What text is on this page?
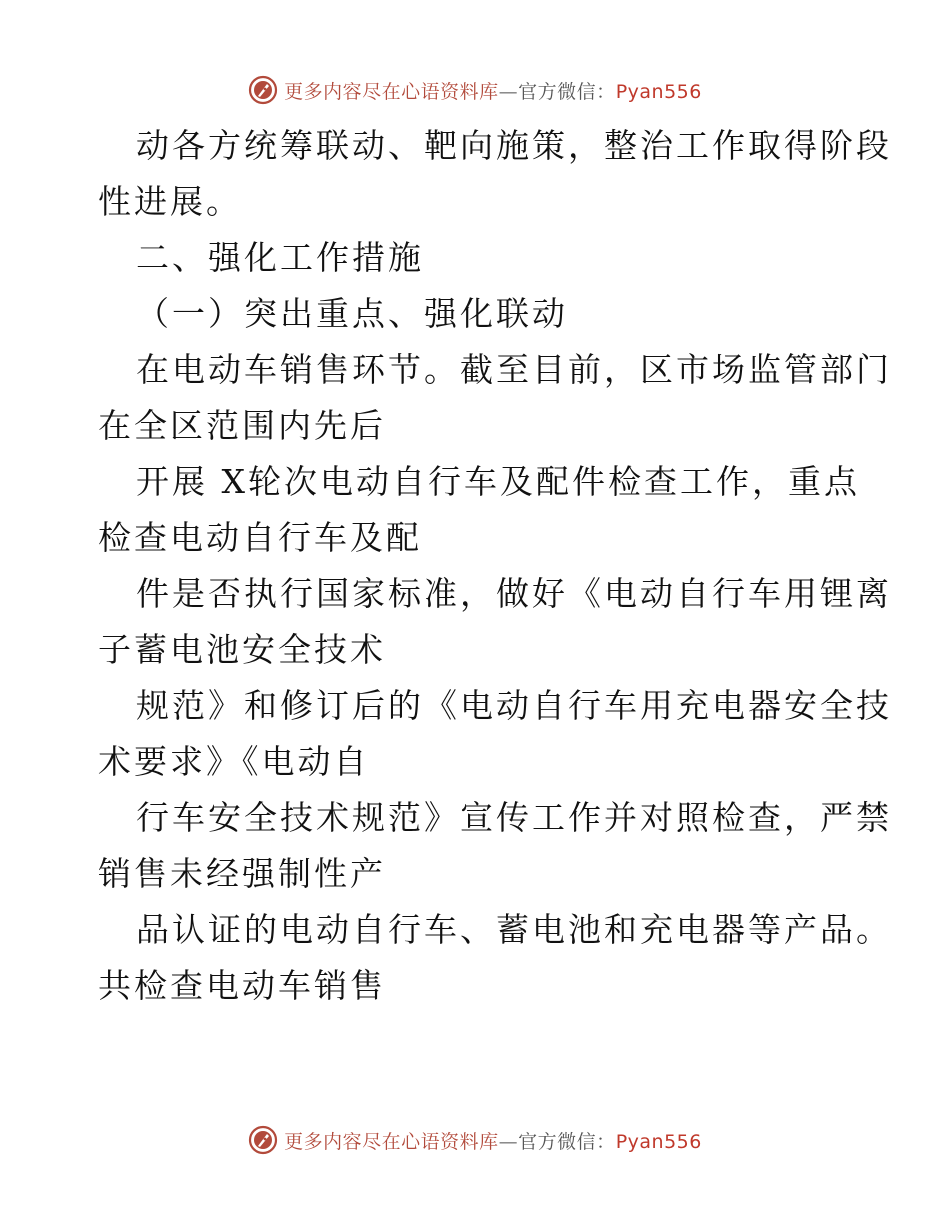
更多内容尽在心语资料库—官方微信：Pyan556
动各方统筹联动、靶向施策，整治工作取得阶段
性进展。
二、强化工作措施
（一）突出重点、强化联动
在电动车销售环节。截至目前，区市场监管部门
在全区范围内先后
开展 X轮次电动自行车及配件检查工作，重点
检查电动自行车及配
件是否执行国家标准，做好《电动自行车用锂离
子蓄电池安全技术
规范》和修订后的《电动自行车用充电器安全技
术要求》《电动自
行车安全技术规范》宣传工作并对照检查，严禁
销售未经强制性产
品认证的电动自行车、蓄电池和充电器等产品。
共检查电动车销售
更多内容尽在心语资料库—官方微信：Pyan556
